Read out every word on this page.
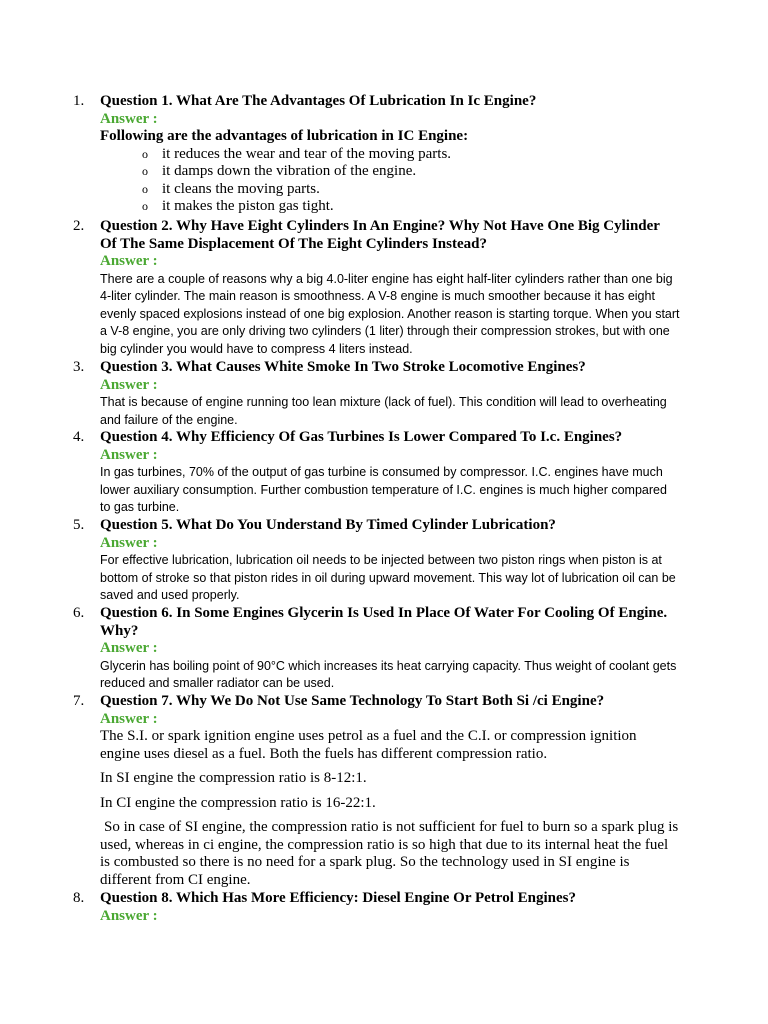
1. Question 1. What Are The Advantages Of Lubrication In Ic Engine?
Answer :
Following are the advantages of lubrication in IC Engine:
o it reduces the wear and tear of the moving parts.
o it damps down the vibration of the engine.
o it cleans the moving parts.
o it makes the piston gas tight.
2. Question 2. Why Have Eight Cylinders In An Engine? Why Not Have One Big Cylinder Of The Same Displacement Of The Eight Cylinders Instead?
Answer :
There are a couple of reasons why a big 4.0-liter engine has eight half-liter cylinders rather than one big 4-liter cylinder. The main reason is smoothness. A V-8 engine is much smoother because it has eight evenly spaced explosions instead of one big explosion. Another reason is starting torque. When you start a V-8 engine, you are only driving two cylinders (1 liter) through their compression strokes, but with one big cylinder you would have to compress 4 liters instead.
3. Question 3. What Causes White Smoke In Two Stroke Locomotive Engines?
Answer :
That is because of engine running too lean mixture (lack of fuel). This condition will lead to overheating and failure of the engine.
4. Question 4. Why Efficiency Of Gas Turbines Is Lower Compared To I.c. Engines?
Answer :
In gas turbines, 70% of the output of gas turbine is consumed by compressor. I.C. engines have much lower auxiliary consumption. Further combustion temperature of I.C. engines is much higher compared to gas turbine.
5. Question 5. What Do You Understand By Timed Cylinder Lubrication?
Answer :
For effective lubrication, lubrication oil needs to be injected between two piston rings when piston is at bottom of stroke so that piston rides in oil during upward movement. This way lot of lubrication oil can be saved and used properly.
6. Question 6. In Some Engines Glycerin Is Used In Place Of Water For Cooling Of Engine. Why?
Answer :
Glycerin has boiling point of 90°C which increases its heat carrying capacity. Thus weight of coolant gets reduced and smaller radiator can be used.
7. Question 7. Why We Do Not Use Same Technology To Start Both Si /ci Engine?
Answer :
The S.I. or spark ignition engine uses petrol as a fuel and the C.I. or compression ignition engine uses diesel as a fuel. Both the fuels has different compression ratio.
In SI engine the compression ratio is 8-12:1.
In CI engine the compression ratio is 16-22:1.
So in case of SI engine, the compression ratio is not sufficient for fuel to burn so a spark plug is used, whereas in ci engine, the compression ratio is so high that due to its internal heat the fuel is combusted so there is no need for a spark plug. So the technology used in SI engine is different from CI engine.
8. Question 8. Which Has More Efficiency: Diesel Engine Or Petrol Engines?
Answer :
